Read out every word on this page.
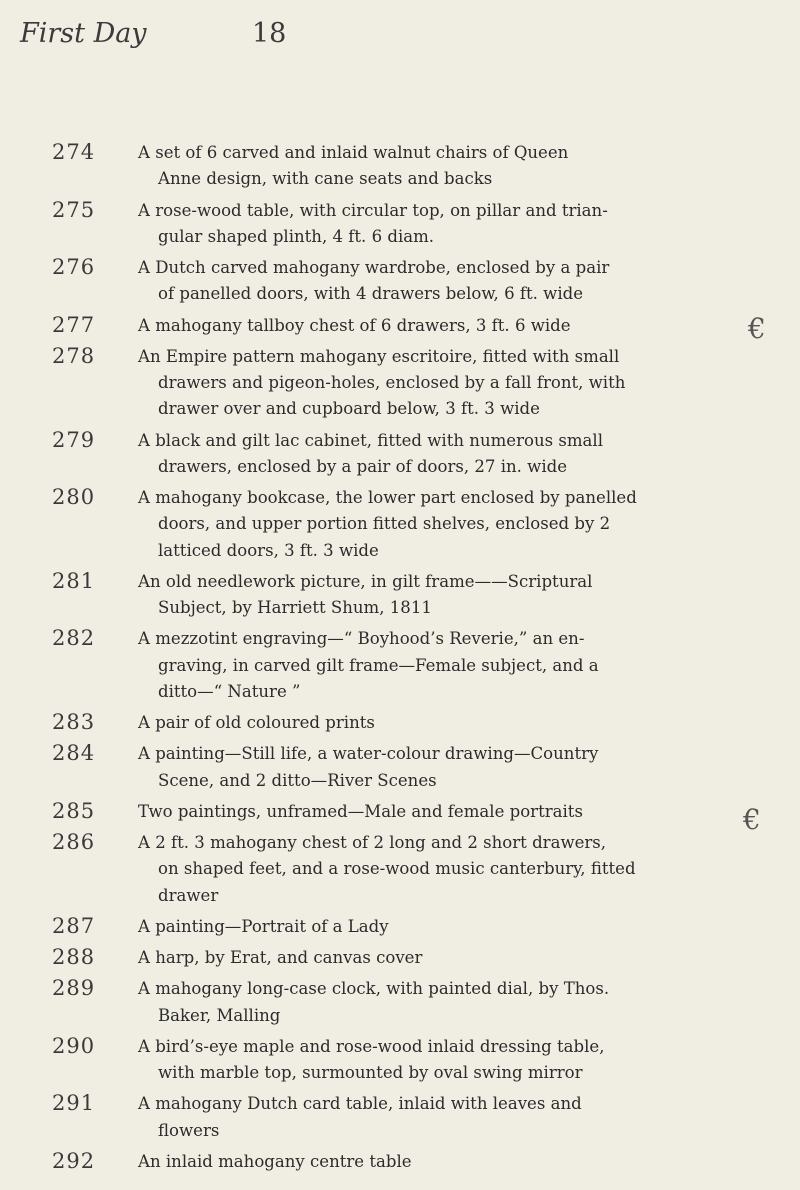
First Day	18
274	A set of 6 carved and inlaid walnut chairs of Queen
Anne design, with cane seats and backs
275	A rose-wood table, with circular top, on pillar and trian-
gular shaped plinth, 4 ft. 6 diam.
276	A Dutch carved mahogany wardrobe, enclosed by a pair
of panelled doors, with 4 drawers below, 6 ft. wide
277	A mahogany tallboy chest of 6 drawers, 3 ft. 6 wide
278	An Empire pattern mahogany escritoire, fitted with small
drawers and pigeon-holes, enclosed by a fall front, with
drawer over and cupboard below, 3 ft. 3 wide
279	A black and gilt lac cabinet, fitted with numerous small
drawers, enclosed by a pair of doors, 27 in. wide
280	A mahogany bookcase, the lower part enclosed by panelled
doors, and upper portion fitted shelves, enclosed by 2
latticed doors, 3 ft. 3 wide
281	An old needlework picture, in gilt frame——Scriptural
Subject, by Harriett Shum, 1811
282	A mezzotint engraving—“ Boyhood’s Reverie,” an en-
graving, in carved gilt frame—Female subject, and a
ditto—“ Nature ”
283	A pair of old coloured prints
284	A painting—Still life, a water-colour drawing—Country
Scene, and 2 ditto—River Scenes
285	Two paintings, unframed—Male and female portraits
286	A 2 ft. 3 mahogany chest of 2 long and 2 short drawers,
on shaped feet, and a rose-wood music canterbury, fitted
drawer
287	A painting—Portrait of a Lady
288	A harp, by Erat, and canvas cover
289	A mahogany long-case clock, with painted dial, by Thos.
Baker, Malling
290	A bird’s-eye maple and rose-wood inlaid dressing table,
with marble top, surmounted by oval swing mirror
291	A mahogany Dutch card table, inlaid with leaves and
flowers
292	An inlaid mahogany centre table
€
€
